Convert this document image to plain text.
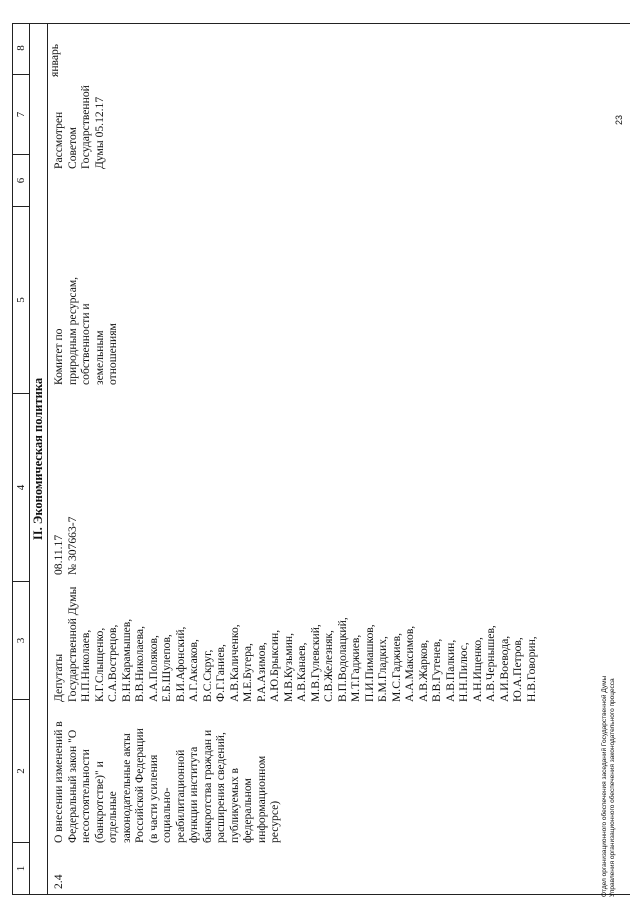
1
2
3
4
5
6
7
8
II. Экономическая политика
2.4
О внесении изменений в Федеральный закон "О несостоятельности (банкротстве)" и отдельные законодательные акты Российской Федерации (в части усиления социально- реабилитационной функции института банкротства граждан и расширения сведений, публикуемых в федеральном информационном ресурсе)
Депутаты Государственной Думы Н.П.Николаев, К.Г.Слыщенко, С.А.Вострецов, В.Н.Карамышев, В.В.Николаева, А.А.Поляков, Е.Б.Шулепов, В.И.Афонский, А.Г.Аксаков, В.С.Скруг, Ф.Г.Ганиев, А.В.Каличенко, М.Е.Бугера, Р.А.Азимов, А.Ю.Брыксин, М.В.Кузьмин, А.В.Канаев, М.В.Гулевский, С.В.Железняк, В.П.Водолацкий, М.Т.Гаджиев, П.И.Пимашков, Б.М.Гладких, М.С.Гаджиев, А.А.Максимов, А.В.Жарков, В.В.Гутенев, А.В.Палкин, Н.Н.Пилюс, А.Н.Ищенко, А.В.Чернышев, А.И.Воевода, Ю.А.Петров, Н.В.Говорин,
08.11.17 № 307663-7
Комитет по природным ресурсам, собственности и земельным отношениям
Рассмотрен Советом Государственной Думы 05.12.17
январь
Отдел организационного обеспечения заседаний Государственной Думы Управления организационного обеспечения законодательного процесса
23
